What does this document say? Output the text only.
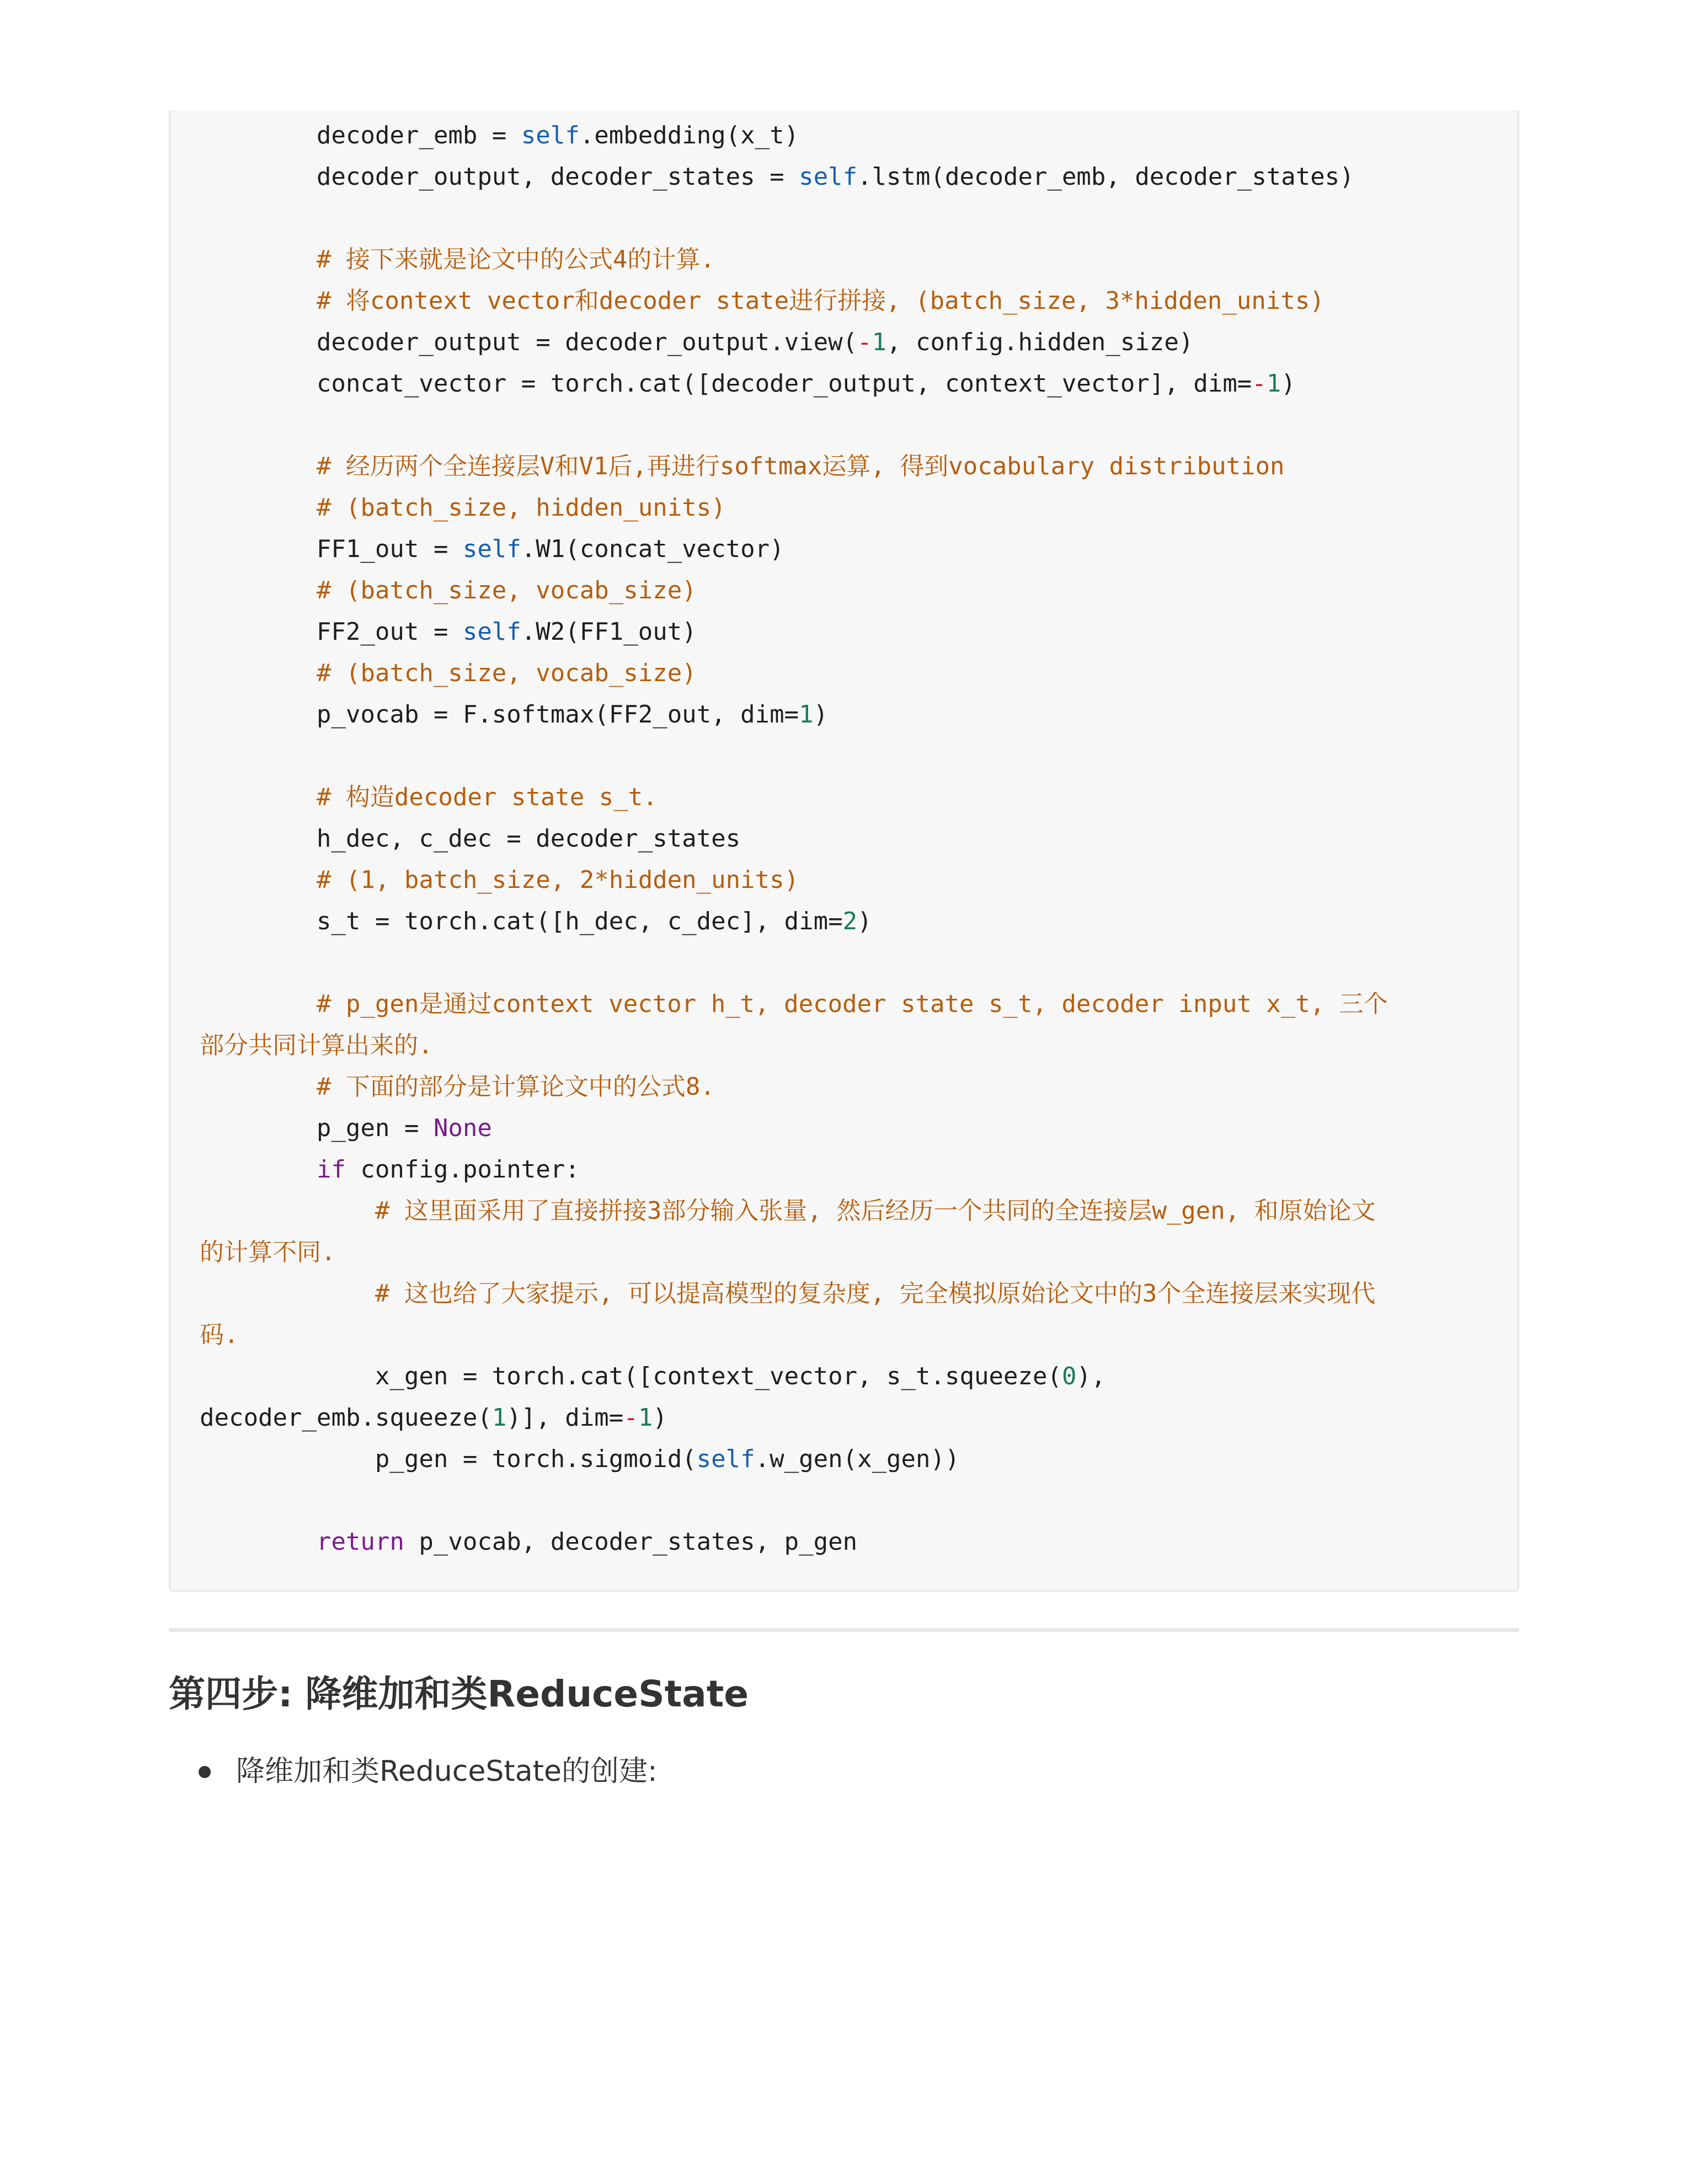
decoder_emb = self.embedding(x_t)
decoder_output, decoder_states = self.lstm(decoder_emb, decoder_states)
# 接下来就是论文中的公式4的计算.
# 将context vector和decoder state进行拼接, (batch_size, 3*hidden_units)
decoder_output = decoder_output.view(-1, config.hidden_size)
concat_vector = torch.cat([decoder_output, context_vector], dim=-1)
# 经历两个全连接层V和V1后,再进行softmax运算, 得到vocabulary distribution
# (batch_size, hidden_units)
FF1_out = self.W1(concat_vector)
# (batch_size, vocab_size)
FF2_out = self.W2(FF1_out)
# (batch_size, vocab_size)
p_vocab = F.softmax(FF2_out, dim=1)
# 构造decoder state s_t.
h_dec, c_dec = decoder_states
# (1, batch_size, 2*hidden_units)
s_t = torch.cat([h_dec, c_dec], dim=2)
# p_gen是通过context vector h_t, decoder state s_t, decoder input x_t, 三个
部分共同计算出来的.
# 下面的部分是计算论文中的公式8.
p_gen = None
if config.pointer:
# 这里面采用了直接拼接3部分输入张量, 然后经历一个共同的全连接层w_gen, 和原始论文
的计算不同.
# 这也给了大家提示, 可以提高模型的复杂度, 完全模拟原始论文中的3个全连接层来实现代
码.
x_gen = torch.cat([context_vector, s_t.squeeze(0),
decoder_emb.squeeze(1)], dim=-1)
p_gen = torch.sigmoid(self.w_gen(x_gen))
return p_vocab, decoder_states, p_gen
第四步: 降维加和类ReduceState
降维加和类ReduceState的创建:
